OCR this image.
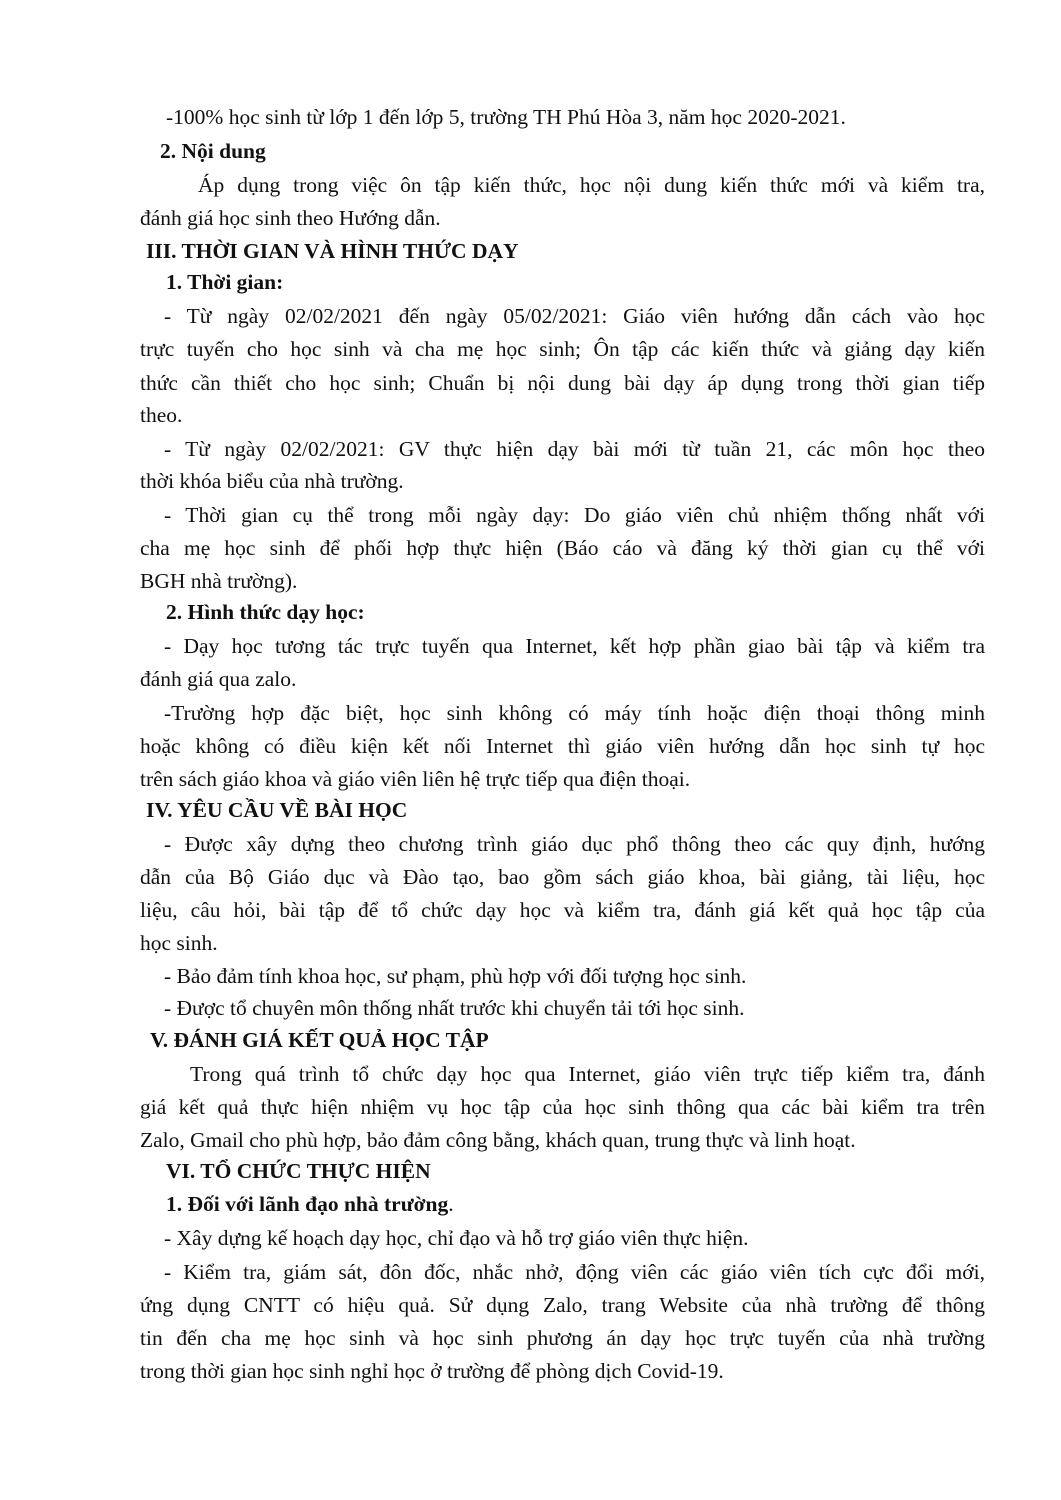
-100% học sinh từ lớp 1 đến lớp 5, trường TH Phú Hòa 3, năm học 2020-2021.
2. Nội dung
Áp dụng trong việc ôn tập kiến thức, học nội dung kiến thức mới và kiểm tra,
đánh giá học sinh theo Hướng dẫn.
III. THỜI GIAN VÀ HÌNH THỨC DẠY
1. Thời gian:
- Từ ngày 02/02/2021 đến ngày 05/02/2021: Giáo viên hướng dẫn cách vào học
trực tuyến cho học sinh và cha mẹ học sinh; Ôn tập các kiến thức và giảng dạy kiến
thức cần thiết cho học sinh; Chuẩn bị nội dung bài dạy áp dụng trong thời gian tiếp
theo.
- Từ ngày 02/02/2021: GV thực hiện dạy bài mới từ tuần 21, các môn học theo
thời khóa biểu của nhà trường.
- Thời gian cụ thể trong mỗi ngày dạy: Do giáo viên chủ nhiệm thống nhất với
cha mẹ học sinh để phối hợp thực hiện (Báo cáo và đăng ký thời gian cụ thể với
BGH nhà trường).
2. Hình thức dạy học:
- Dạy học tương tác trực tuyến qua Internet, kết hợp phần giao bài tập và kiểm tra
đánh giá qua zalo.
-Trường hợp đặc biệt, học sinh không có máy tính hoặc điện thoại thông minh
hoặc không có điều kiện kết nối Internet thì giáo viên hướng dẫn học sinh tự học
trên sách giáo khoa và giáo viên liên hệ trực tiếp qua điện thoại.
IV. YÊU CẦU VỀ BÀI HỌC
- Được xây dựng theo chương trình giáo dục phổ thông theo các quy định, hướng
dẫn của Bộ Giáo dục và Đào tạo, bao gồm sách giáo khoa, bài giảng, tài liệu, học
liệu, câu hỏi, bài tập để tổ chức dạy học và kiểm tra, đánh giá kết quả học tập của
học sinh.
- Bảo đảm tính khoa học, sư phạm, phù hợp với đối tượng học sinh.
- Được tổ chuyên môn thống nhất trước khi chuyển tải tới học sinh.
V. ĐÁNH GIÁ KẾT QUẢ HỌC TẬP
Trong quá trình tổ chức dạy học qua Internet, giáo viên trực tiếp kiểm tra, đánh
giá kết quả thực hiện nhiệm vụ học tập của học sinh thông qua các bài kiểm tra trên
Zalo, Gmail cho phù hợp, bảo đảm công bằng, khách quan, trung thực và linh hoạt.
VI. TỔ CHỨC THỰC HIỆN
1. Đối với lãnh đạo nhà trường.
- Xây dựng kế hoạch dạy học, chỉ đạo và hỗ trợ giáo viên thực hiện.
- Kiểm tra, giám sát, đôn đốc, nhắc nhở, động viên các giáo viên tích cực đổi mới,
ứng dụng CNTT có hiệu quả. Sử dụng Zalo, trang Website của nhà trường để thông
tin đến cha mẹ học sinh và học sinh phương án dạy học trực tuyến của nhà trường
trong thời gian học sinh nghỉ học ở trường để phòng dịch Covid-19.
